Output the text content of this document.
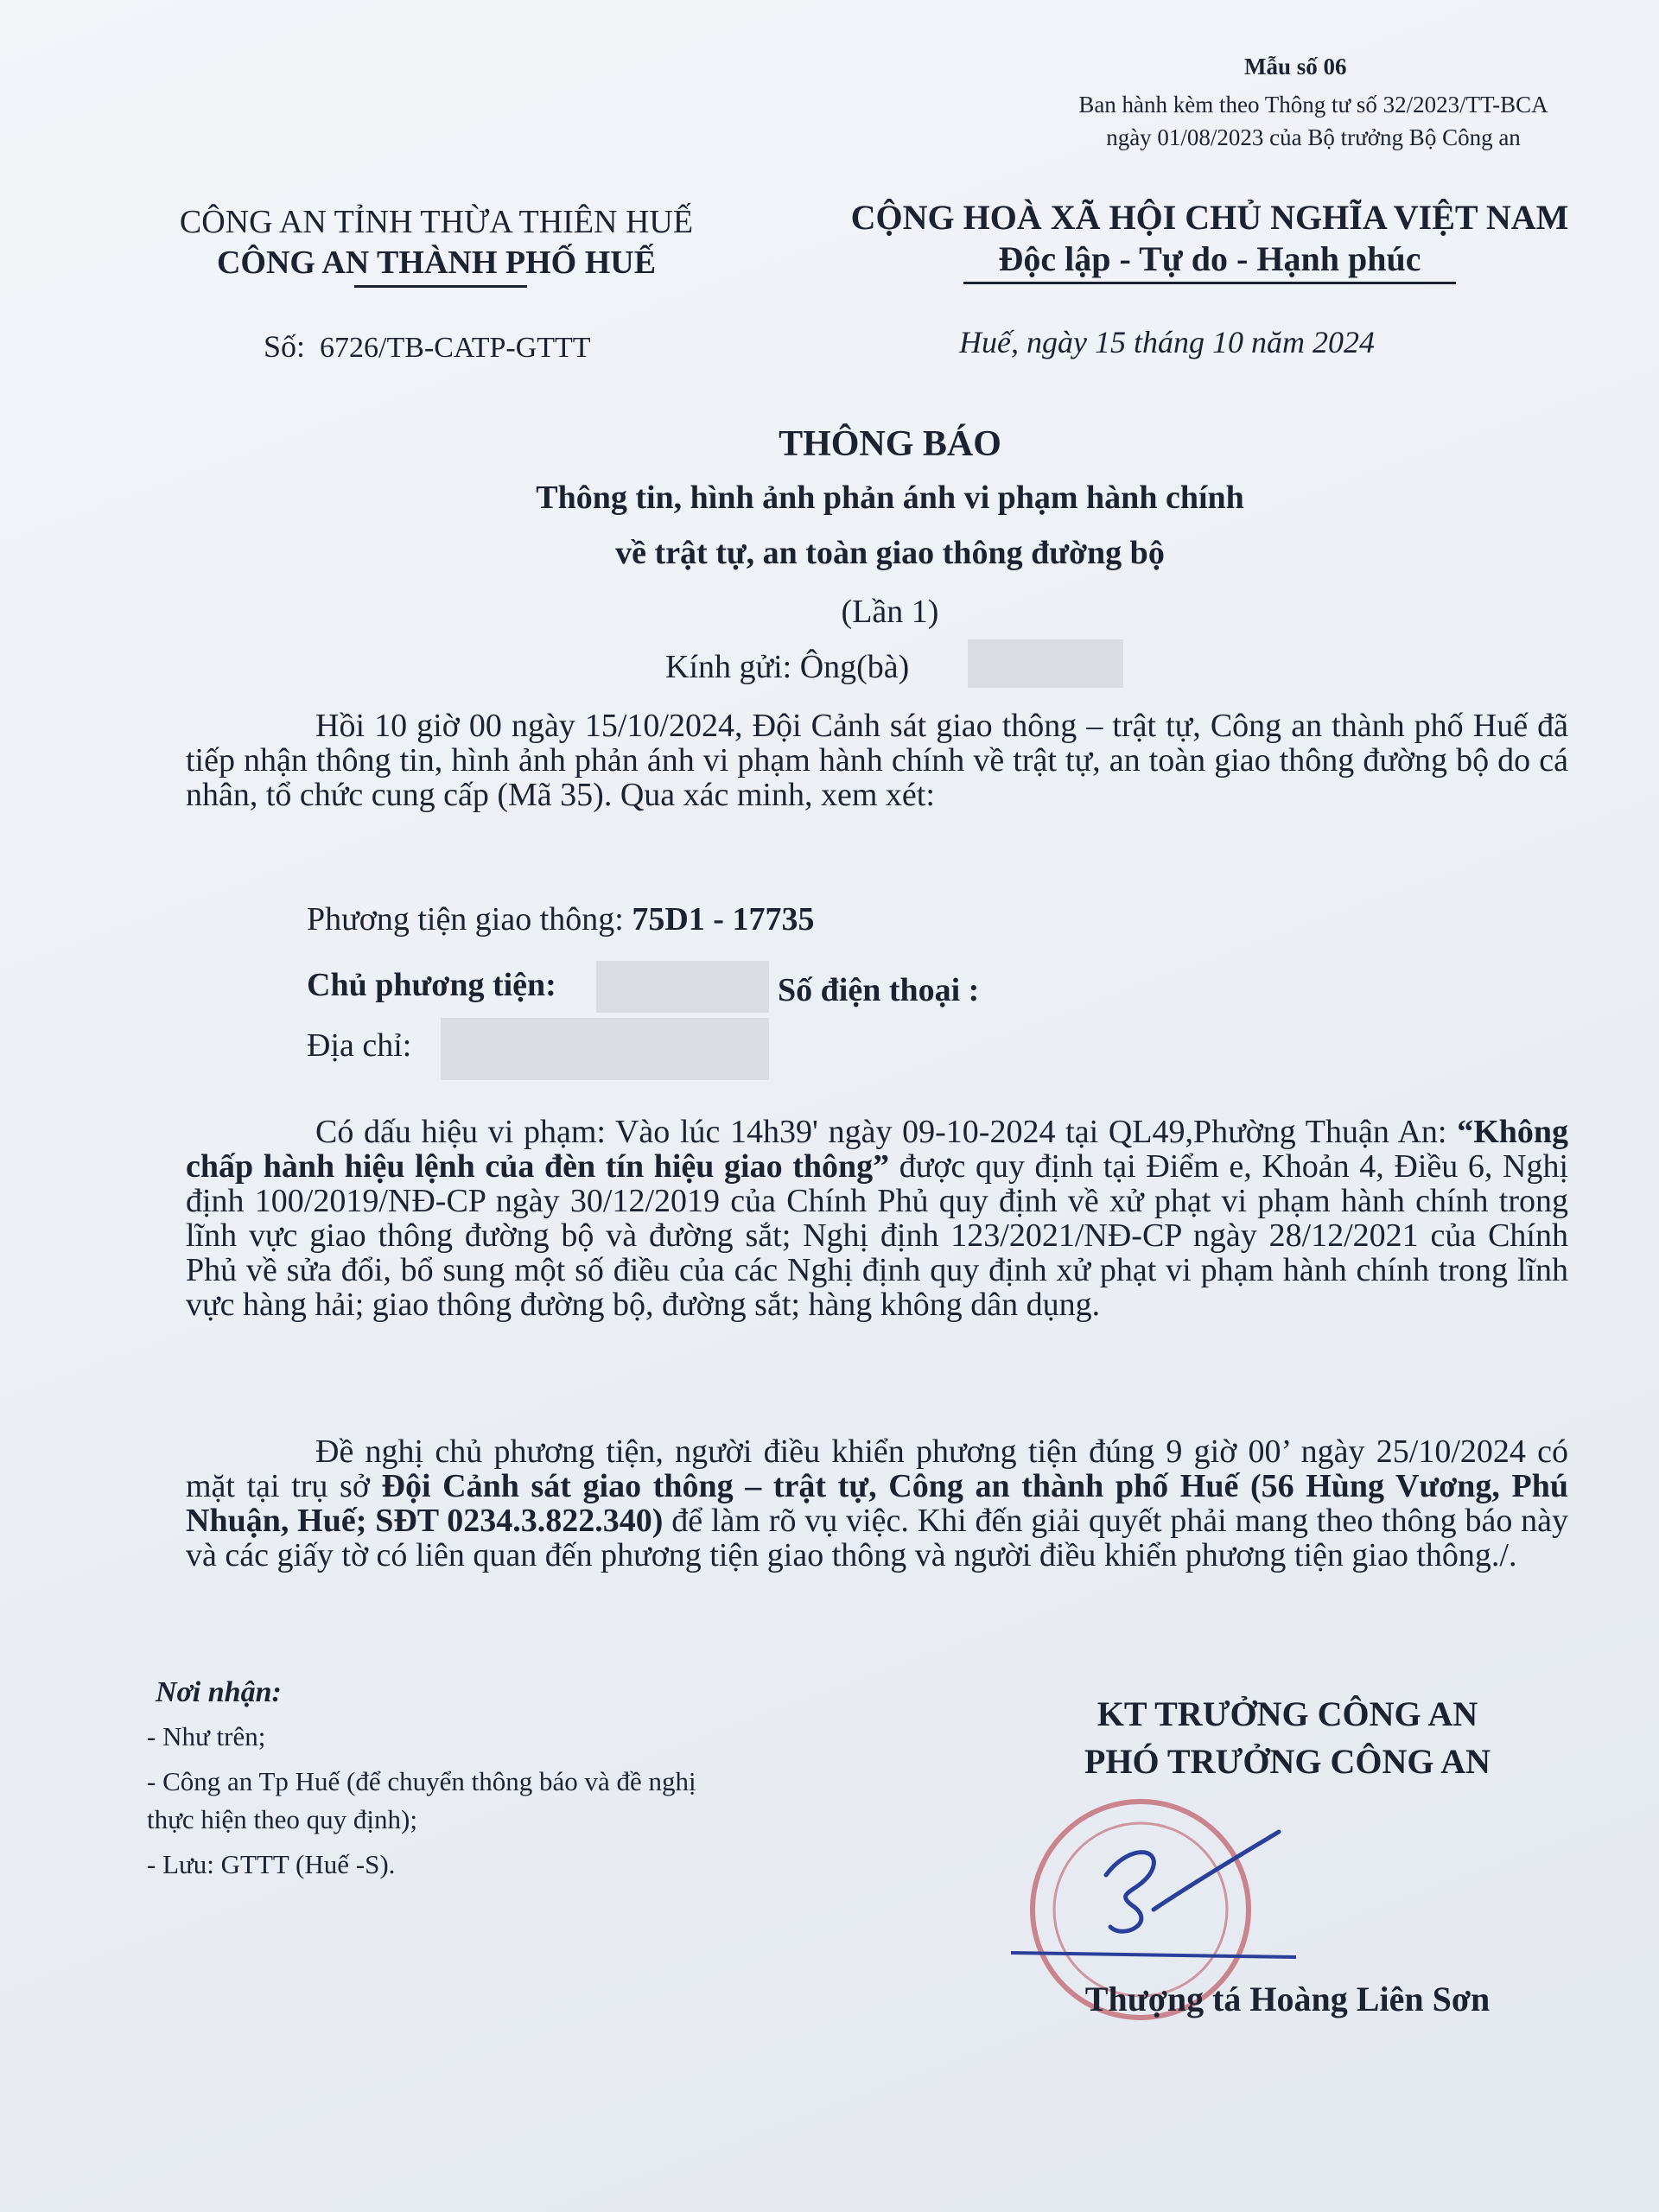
Mẫu số 06
Ban hành kèm theo Thông tư số 32/2023/TT-BCA
ngày 01/08/2023 của Bộ trưởng Bộ Công an
CÔNG AN TỈNH THỪA THIÊN HUẾ
CÔNG AN THÀNH PHỐ HUẾ
CỘNG HOÀ XÃ HỘI CHỦ NGHĨA VIỆT NAM
Độc lập - Tự do - Hạnh phúc
Số: 6726/TB-CATP-GTTT	Huế, ngày 15 tháng 10 năm 2024
THÔNG BÁO
Thông tin, hình ảnh phản ánh vi phạm hành chính
về trật tự, an toàn giao thông đường bộ
(Lần 1)
Kính gửi: Ông(bà)
Hồi 10 giờ 00 ngày 15/10/2024, Đội Cảnh sát giao thông – trật tự, Công an thành phố Huế đã tiếp nhận thông tin, hình ảnh phản ánh vi phạm hành chính về trật tự, an toàn giao thông đường bộ do cá nhân, tổ chức cung cấp (Mã 35). Qua xác minh, xem xét:
Phương tiện giao thông: 75D1 - 17735
Chủ phương tiện:	Số điện thoại :
Địa chỉ:
Có dấu hiệu vi phạm: Vào lúc 14h39' ngày 09-10-2024 tại QL49,Phường Thuận An: “Không chấp hành hiệu lệnh của đèn tín hiệu giao thông” được quy định tại Điểm e, Khoản 4, Điều 6, Nghị định 100/2019/NĐ-CP ngày 30/12/2019 của Chính Phủ quy định về xử phạt vi phạm hành chính trong lĩnh vực giao thông đường bộ và đường sắt; Nghị định 123/2021/NĐ-CP ngày 28/12/2021 của Chính Phủ về sửa đổi, bổ sung một số điều của các Nghị định quy định xử phạt vi phạm hành chính trong lĩnh vực hàng hải; giao thông đường bộ, đường sắt; hàng không dân dụng.
Đề nghị chủ phương tiện, người điều khiển phương tiện đúng 9 giờ 00’ ngày 25/10/2024 có mặt tại trụ sở Đội Cảnh sát giao thông – trật tự, Công an thành phố Huế (56 Hùng Vương, Phú Nhuận, Huế; SĐT 0234.3.822.340) để làm rõ vụ việc. Khi đến giải quyết phải mang theo thông báo này và các giấy tờ có liên quan đến phương tiện giao thông và người điều khiển phương tiện giao thông./.
Nơi nhận:
- Như trên;
- Công an Tp Huế (để chuyển thông báo và đề nghị
thực hiện theo quy định);
- Lưu: GTTT (Huế -S).
KT TRƯỞNG CÔNG AN
PHÓ TRƯỞNG CÔNG AN
Thượng tá Hoàng Liên Sơn
